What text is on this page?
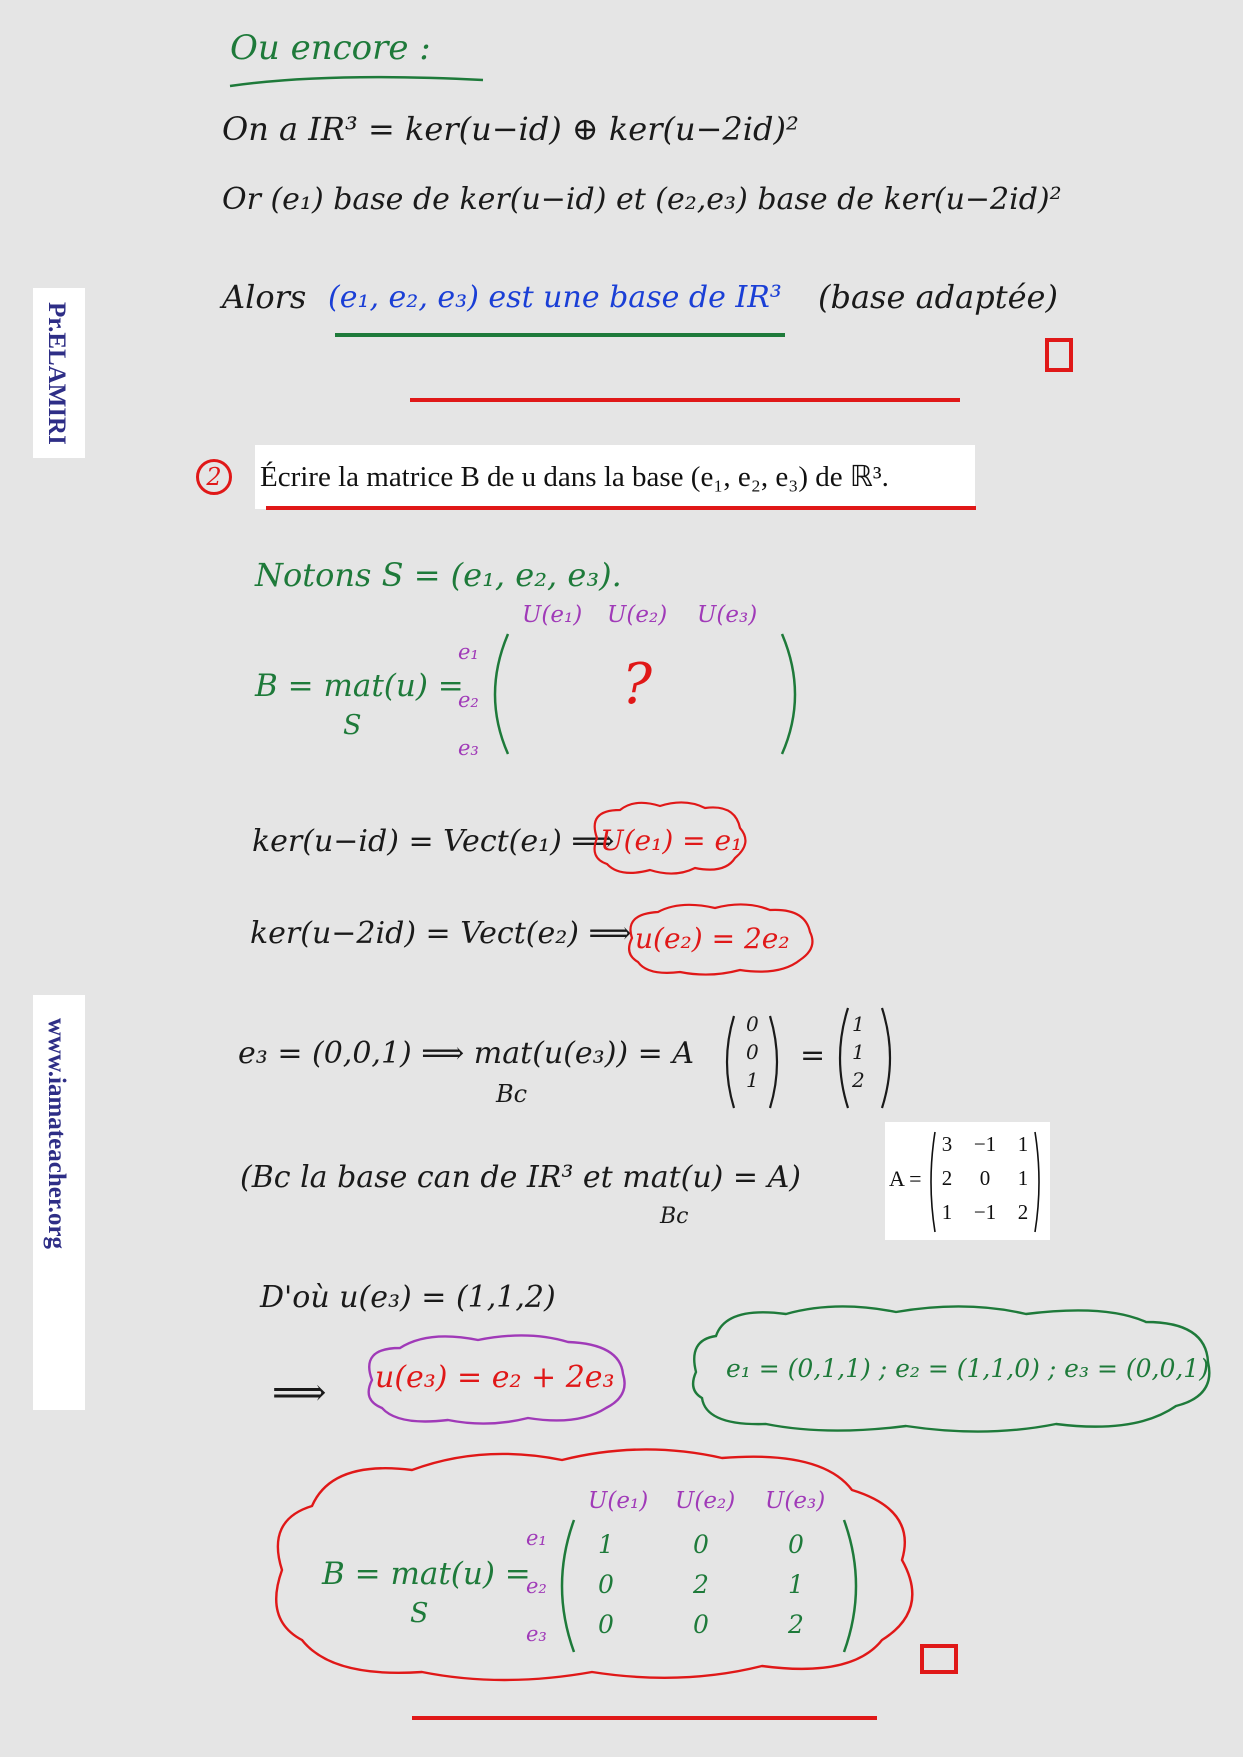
Pr.ELAMIRI
www.iamateacher.org
Ou encore :
On a IR³ = ker(u−id) ⊕ ker(u−2id)²
Or (e₁) base de ker(u−id) et (e₂,e₃) base de ker(u−2id)²
Alors (e₁, e₂, e₃) est une base de IR³ (base adaptée)
2	Écrire la matrice B de u dans la base (e₁, e₂, e₃) de ℝ³.
Notons S = (e₁, e₂, e₃).
U(e₁) U(e₂) U(e₃)
B = mat(u) =
S
e₁
e₂
e₃
?
ker(u−id) = Vect(e₁) ⟹
U(e₁) = e₁
ker(u−2id) = Vect(e₂) ⟹ u(e₂) = 2e₂
e₃ = (0,0,1) ⟹ mat(u(e₃)) = A
Bc
0
0
1
=
1
1
2
(Bc la base can de IR³ et mat(u) = A)
Bc
A =
3	−1	1
2	0	1
1	−1	2
D'où u(e₃) = (1,1,2)
⟹ u(e₃) = e₂ + 2e₃	e₁ = (0,1,1) ; e₂ = (1,1,0) ; e₃ = (0,0,1)
U(e₁) U(e₂) U(e₃)
B = mat(u) =
S
e₁
e₂
e₃
1	0	0
0	2	1
0	0	2
